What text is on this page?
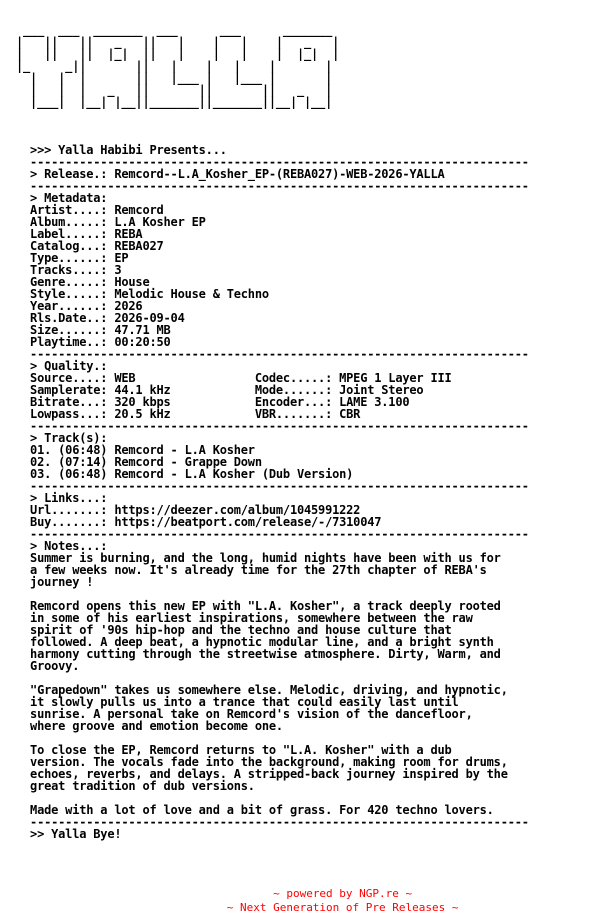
___  ___  _______  ___      ___      _______
|   ||   ||   _   ||   |    |   |    |   _   |
|   ||   ||  |_|  ||   |    |   |    |  |_|  |
|_     _||       ||   |    |   |    |       |
|   |  |       ||   |___ |   |___ |       |
|   |  |   _   ||       ||       ||   _   |
|___|  |__| |__||_______||_______||__| |__|
>>> Yalla Habibi Presents...
-----------------------------------------------------------------------
> Release.: Remcord--L.A_Kosher_EP-(REBA027)-WEB-2026-YALLA
-----------------------------------------------------------------------
> Metadata:
Artist....: Remcord
Album.....: L.A Kosher EP
Label.....: REBA
Catalog...: REBA027
Type......: EP
Tracks....: 3
Genre.....: House
Style.....: Melodic House & Techno
Year......: 2026
Rls.Date..: 2026-09-04
Size......: 47.71 MB
Playtime..: 00:20:50
-----------------------------------------------------------------------
> Quality.:
Source....: WEB                 Codec.....: MPEG 1 Layer III
Samplerate: 44.1 kHz            Mode......: Joint Stereo
Bitrate...: 320 kbps            Encoder...: LAME 3.100
Lowpass...: 20.5 kHz            VBR.......: CBR
-----------------------------------------------------------------------
> Track(s):
01. (06:48) Remcord - L.A Kosher
02. (07:14) Remcord - Grappe Down
03. (06:48) Remcord - L.A Kosher (Dub Version)
-----------------------------------------------------------------------
> Links...:
Url.......: https://deezer.com/album/1045991222
Buy.......: https://beatport.com/release/-/7310047
-----------------------------------------------------------------------
> Notes...:
Summer is burning, and the long, humid nights have been with us for
a few weeks now. It's already time for the 27th chapter of REBA's
journey !
Remcord opens this new EP with "L.A. Kosher", a track deeply rooted
in some of his earliest inspirations, somewhere between the raw
spirit of '90s hip-hop and the techno and house culture that
followed. A deep beat, a hypnotic modular line, and a bright synth
harmony cutting through the streetwise atmosphere. Dirty, Warm, and
Groovy.
"Grapedown" takes us somewhere else. Melodic, driving, and hypnotic,
it slowly pulls us into a trance that could easily last until
sunrise. A personal take on Remcord's vision of the dancefloor,
where groove and emotion become one.
To close the EP, Remcord returns to "L.A. Kosher" with a dub
version. The vocals fade into the background, making room for drums,
echoes, reverbs, and delays. A stripped-back journey inspired by the
great tradition of dub versions.
Made with a lot of love and a bit of grass. For 420 techno lovers.
-----------------------------------------------------------------------
>> Yalla Bye!

~ powered by NGP.re ~

~ Next Generation of Pre Releases ~
